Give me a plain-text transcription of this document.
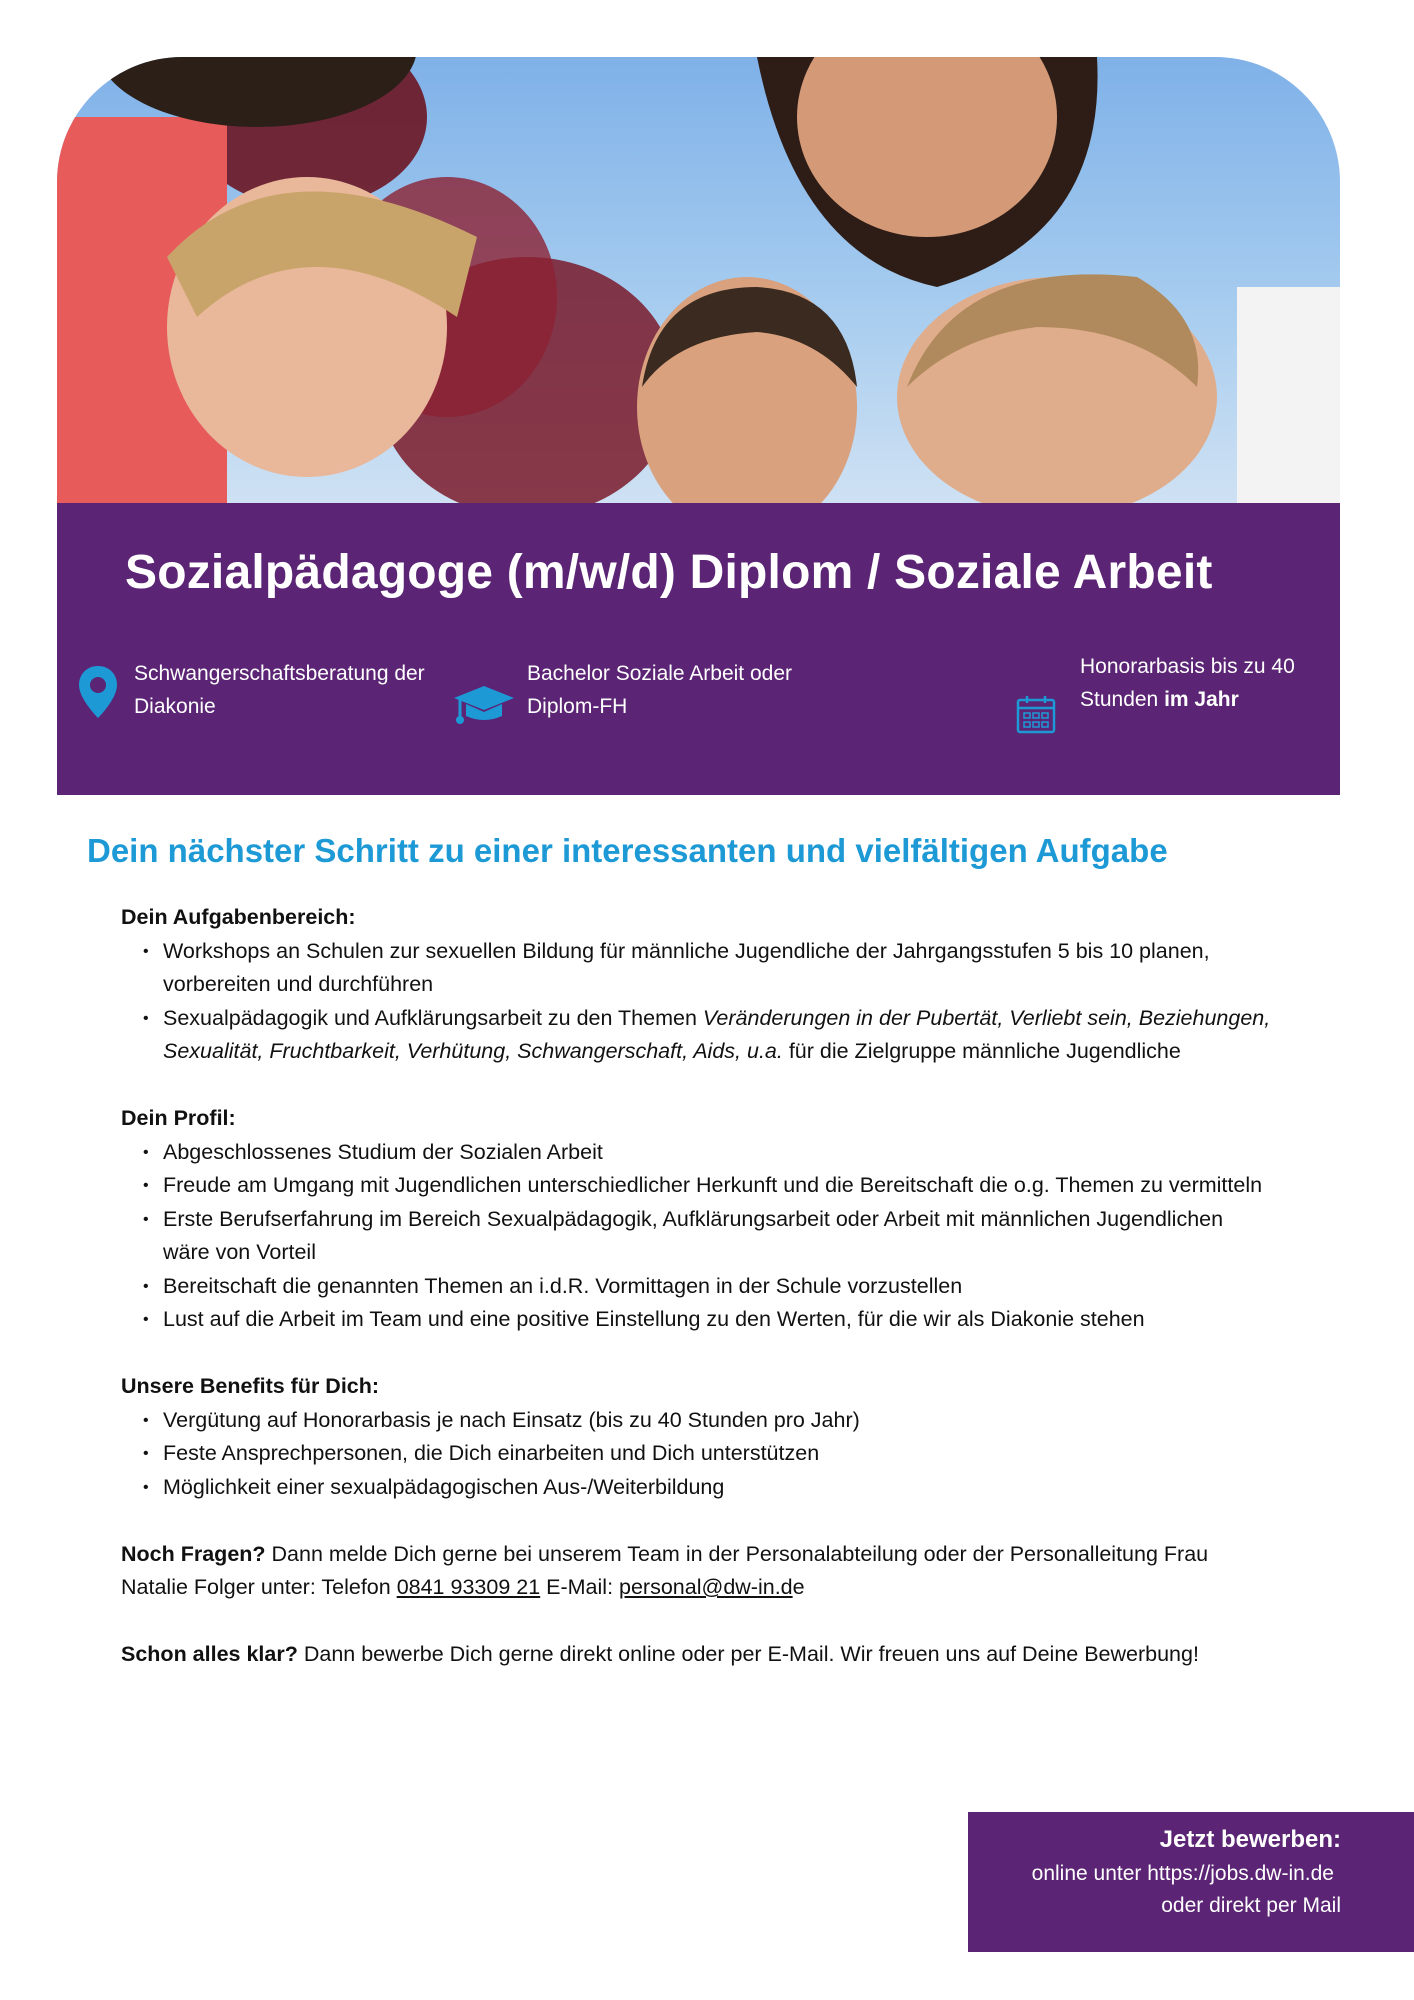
Sozialpädagoge (m/w/d) Diplom / Soziale Arbeit
Schwangerschaftsberatung der
Diakonie
Bachelor Soziale Arbeit oder
Diplom-FH
Honorarbasis bis zu 40
Stunden im Jahr
Dein nächster Schritt zu einer interessanten und vielfältigen Aufgabe
Dein Aufgabenbereich:
• Workshops an Schulen zur sexuellen Bildung für männliche Jugendliche der Jahrgangsstufen 5 bis 10 planen, vorbereiten und durchführen
• Sexualpädagogik und Aufklärungsarbeit zu den Themen Veränderungen in der Pubertät, Verliebt sein, Beziehungen, Sexualität, Fruchtbarkeit, Verhütung, Schwangerschaft, Aids, u.a. für die Zielgruppe männliche Jugendliche
Dein Profil:
• Abgeschlossenes Studium der Sozialen Arbeit
• Freude am Umgang mit Jugendlichen unterschiedlicher Herkunft und die Bereitschaft die o.g. Themen zu vermitteln
• Erste Berufserfahrung im Bereich Sexualpädagogik, Aufklärungsarbeit oder Arbeit mit männlichen Jugendlichen wäre von Vorteil
• Bereitschaft die genannten Themen an i.d.R. Vormittagen in der Schule vorzustellen
• Lust auf die Arbeit im Team und eine positive Einstellung zu den Werten, für die wir als Diakonie stehen
Unsere Benefits für Dich:
• Vergütung auf Honorarbasis je nach Einsatz (bis zu 40 Stunden pro Jahr)
• Feste Ansprechpersonen, die Dich einarbeiten und Dich unterstützen
• Möglichkeit einer sexualpädagogischen Aus-/Weiterbildung

Noch Fragen? Dann melde Dich gerne bei unserem Team in der Personalabteilung oder der Personalleitung Frau Natalie Folger unter: Telefon 0841 93309 21 E-Mail: personal@dw-in.de

Schon alles klar? Dann bewerbe Dich gerne direkt online oder per E-Mail. Wir freuen uns auf Deine Bewerbung!

Jetzt bewerben:
online unter https://jobs.dw-in.de
oder direkt per Mail
